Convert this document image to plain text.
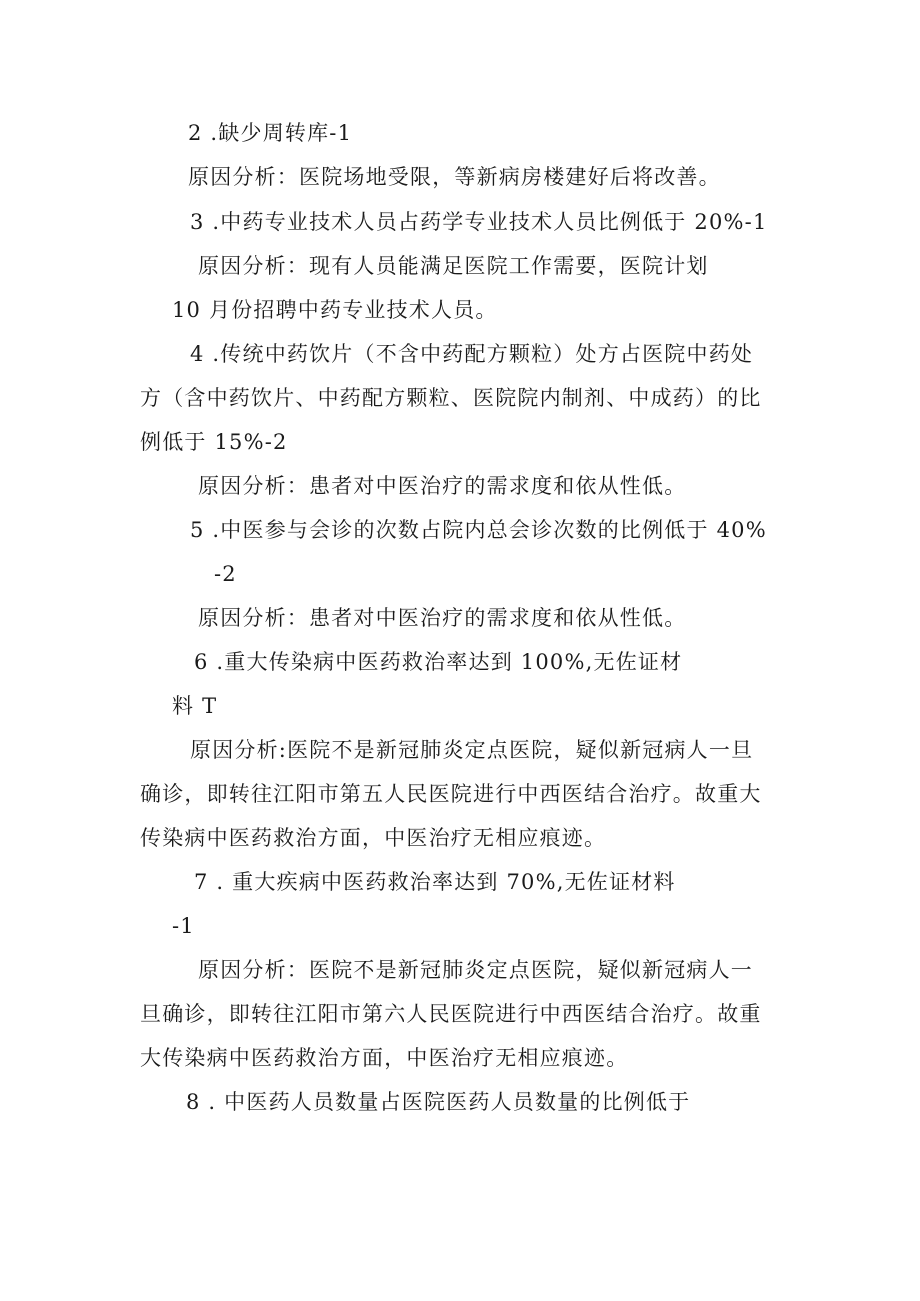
2 .缺少周转库-1
原因分析：医院场地受限，等新病房楼建好后将改善。
3 .中药专业技术人员占药学专业技术人员比例低于 20%-1
原因分析：现有人员能满足医院工作需要，医院计划
10 月份招聘中药专业技术人员。
4 .传统中药饮片（不含中药配方颗粒）处方占医院中药处
方（含中药饮片、中药配方颗粒、医院院内制剂、中成药）的比
例低于 15%-2
原因分析：患者对中医治疗的需求度和依从性低。
5 .中医参与会诊的次数占院内总会诊次数的比例低于 40%
-2
原因分析：患者对中医治疗的需求度和依从性低。
6 .重大传染病中医药救治率达到 100%,无佐证材
料 T
原因分析:医院不是新冠肺炎定点医院，疑似新冠病人一旦
确诊，即转往江阳市第五人民医院进行中西医结合治疗。故重大
传染病中医药救治方面，中医治疗无相应痕迹。
7 . 重大疾病中医药救治率达到 70%,无佐证材料
-1
原因分析：医院不是新冠肺炎定点医院，疑似新冠病人一
旦确诊，即转往江阳市第六人民医院进行中西医结合治疗。故重
大传染病中医药救治方面，中医治疗无相应痕迹。
8 . 中医药人员数量占医院医药人员数量的比例低于
